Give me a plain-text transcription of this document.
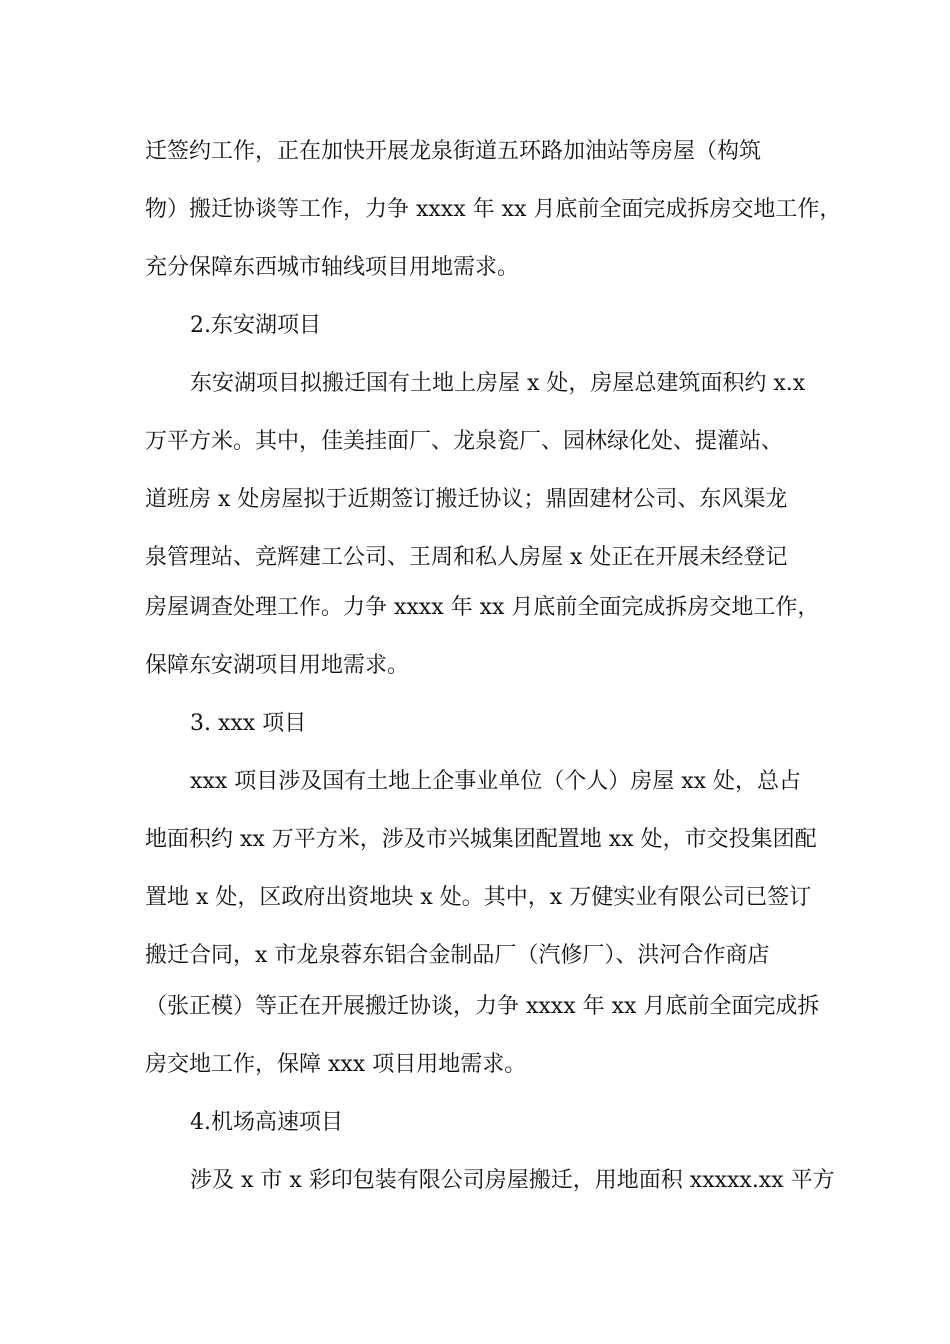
迁签约工作，正在加快开展龙泉街道五环路加油站等房屋（构筑
物）搬迁协谈等工作，力争 xxxx 年 xx 月底前全面完成拆房交地工作，
充分保障东西城市轴线项目用地需求。
2.东安湖项目
东安湖项目拟搬迁国有土地上房屋 x 处，房屋总建筑面积约 x.x
万平方米。其中，佳美挂面厂、龙泉瓷厂、园林绿化处、提灌站、
道班房 x 处房屋拟于近期签订搬迁协议；鼎固建材公司、东风渠龙
泉管理站、竞辉建工公司、王周和私人房屋 x 处正在开展未经登记
房屋调查处理工作。力争 xxxx 年 xx 月底前全面完成拆房交地工作，
保障东安湖项目用地需求。
3. xxx 项目
xxx 项目涉及国有土地上企事业单位（个人）房屋 xx 处，总占
地面积约 xx 万平方米，涉及市兴城集团配置地 xx 处，市交投集团配
置地 x 处，区政府出资地块 x 处。其中，x 万健实业有限公司已签订
搬迁合同，x 市龙泉蓉东铝合金制品厂（汽修厂）、洪河合作商店
（张正模）等正在开展搬迁协谈，力争 xxxx 年 xx 月底前全面完成拆
房交地工作，保障 xxx 项目用地需求。
4.机场高速项目
涉及 x 市 x 彩印包装有限公司房屋搬迁，用地面积 xxxxx.xx 平方
